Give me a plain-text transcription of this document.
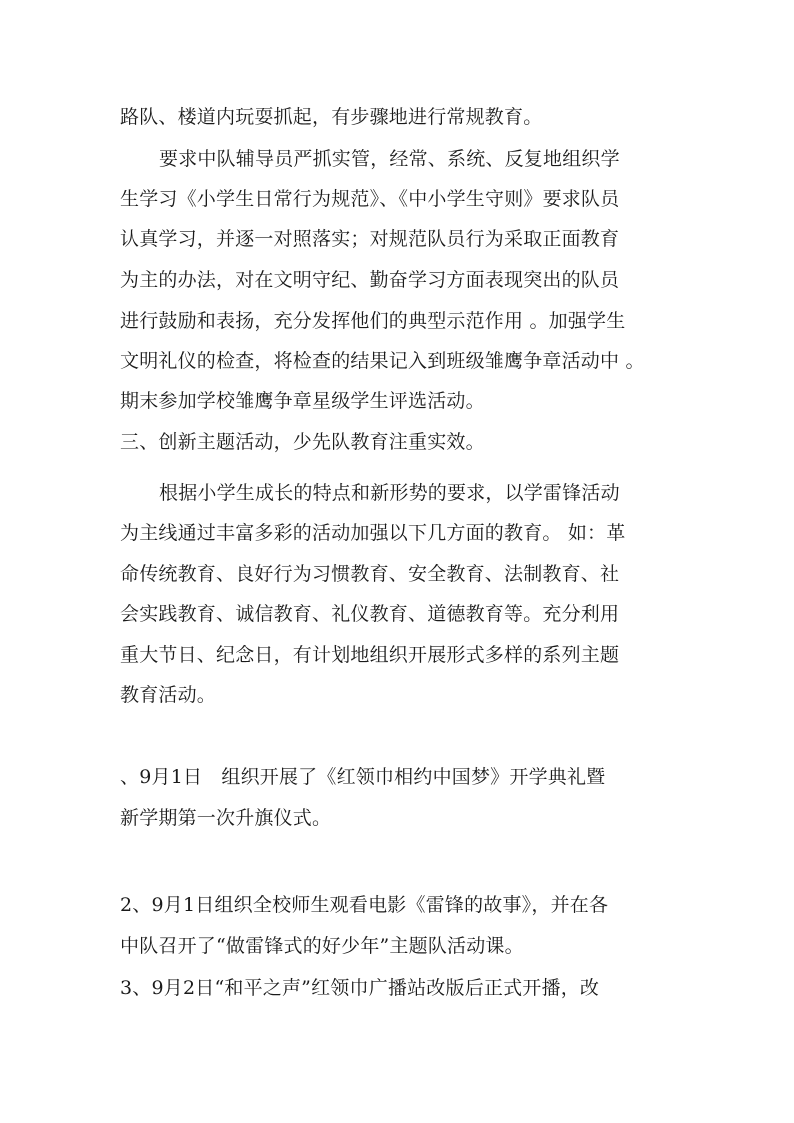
路队、楼道内玩耍抓起，有步骤地进行常规教育。
要求中队辅导员严抓实管，经常、系统、反复地组织学
生学习《小学生日常行为规范》、《中小学生守则》要求队员
认真学习，并逐一对照落实；对规范队员行为采取正面教育
为主的办法，对在文明守纪、勤奋学习方面表现突出的队员
进行鼓励和表扬，充分发挥他们的典型示范作用 。加强学生
文明礼仪的检查，将检查的结果记入到班级雏鹰争章活动中 。
期末参加学校雏鹰争章星级学生评选活动。
三、创新主题活动，少先队教育注重实效。
根据小学生成长的特点和新形势的要求，以学雷锋活动
为主线通过丰富多彩的活动加强以下几方面的教育。 如：革
命传统教育、良好行为习惯教育、安全教育、法制教育、社
会实践教育、诚信教育、礼仪教育、道德教育等。充分利用
重大节日、纪念日，有计划地组织开展形式多样的系列主题
教育活动。
、9月1日　组织开展了《红领巾相约中国梦》开学典礼暨
新学期第一次升旗仪式。
2、9月1日组织全校师生观看电影《雷锋的故事》，并在各
中队召开了“做雷锋式的好少年”主题队活动课。
3、9月2日“和平之声”红领巾广播站改版后正式开播，改
